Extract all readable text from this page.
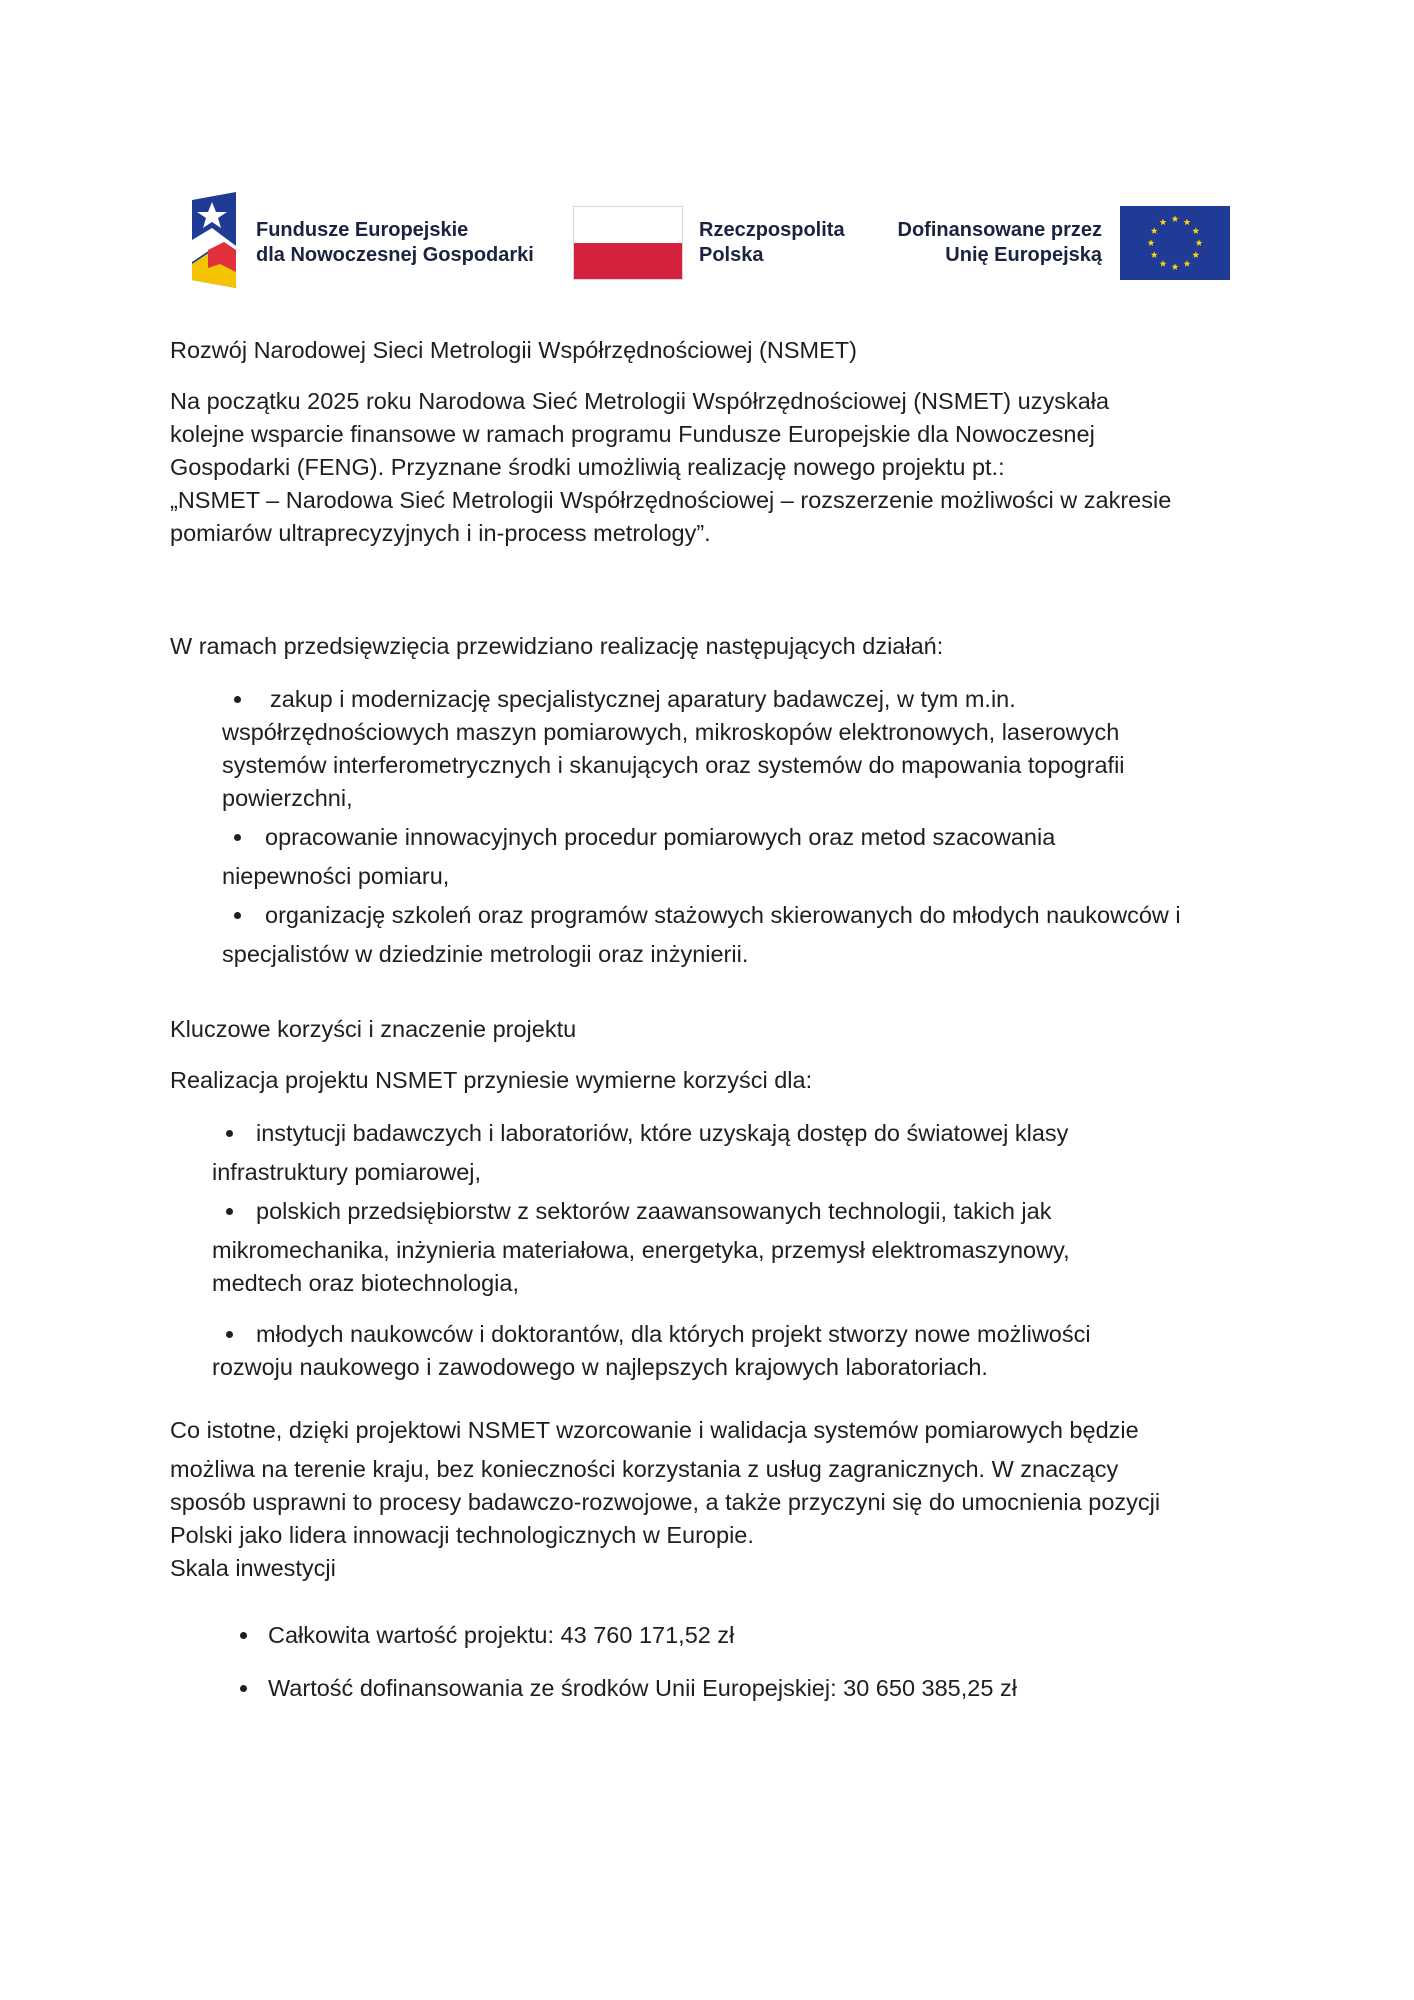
Fundusze Europejskie
dla Nowoczesnej Gospodarki
Rzeczpospolita
Polska
Dofinansowane przez
Unię Europejską

Rozwój Narodowej Sieci Metrologii Współrzędnościowej (NSMET)

Na początku 2025 roku Narodowa Sieć Metrologii Współrzędnościowej (NSMET) uzyskała
kolejne wsparcie finansowe w ramach programu Fundusze Europejskie dla Nowoczesnej
Gospodarki (FENG). Przyznane środki umożliwią realizację nowego projektu pt.:
„NSMET – Narodowa Sieć Metrologii Współrzędnościowej – rozszerzenie możliwości w zakresie
pomiarów ultraprecyzyjnych i in-process metrology”.

W ramach przedsięwzięcia przewidziano realizację następujących działań:

zakup i modernizację specjalistycznej aparatury badawczej, w tym m.in.
współrzędnościowych maszyn pomiarowych, mikroskopów elektronowych, laserowych
systemów interferometrycznych i skanujących oraz systemów do mapowania topografii
powierzchni,
opracowanie innowacyjnych procedur pomiarowych oraz metod szacowania
niepewności pomiaru,
organizację szkoleń oraz programów stażowych skierowanych do młodych naukowców i
specjalistów w dziedzinie metrologii oraz inżynierii.

Kluczowe korzyści i znaczenie projektu

Realizacja projektu NSMET przyniesie wymierne korzyści dla:

instytucji badawczych i laboratoriów, które uzyskają dostęp do światowej klasy
infrastruktury pomiarowej,
polskich przedsiębiorstw z sektorów zaawansowanych technologii, takich jak
mikromechanika, inżynieria materiałowa, energetyka, przemysł elektromaszynowy,
medtech oraz biotechnologia,
młodych naukowców i doktorantów, dla których projekt stworzy nowe możliwości
rozwoju naukowego i zawodowego w najlepszych krajowych laboratoriach.

Co istotne, dzięki projektowi NSMET wzorcowanie i walidacja systemów pomiarowych będzie
możliwa na terenie kraju, bez konieczności korzystania z usług zagranicznych. W znaczący
sposób usprawni to procesy badawczo-rozwojowe, a także przyczyni się do umocnienia pozycji
Polski jako lidera innowacji technologicznych w Europie.

Skala inwestycji

Całkowita wartość projektu: 43 760 171,52 zł
Wartość dofinansowania ze środków Unii Europejskiej: 30 650 385,25 zł
